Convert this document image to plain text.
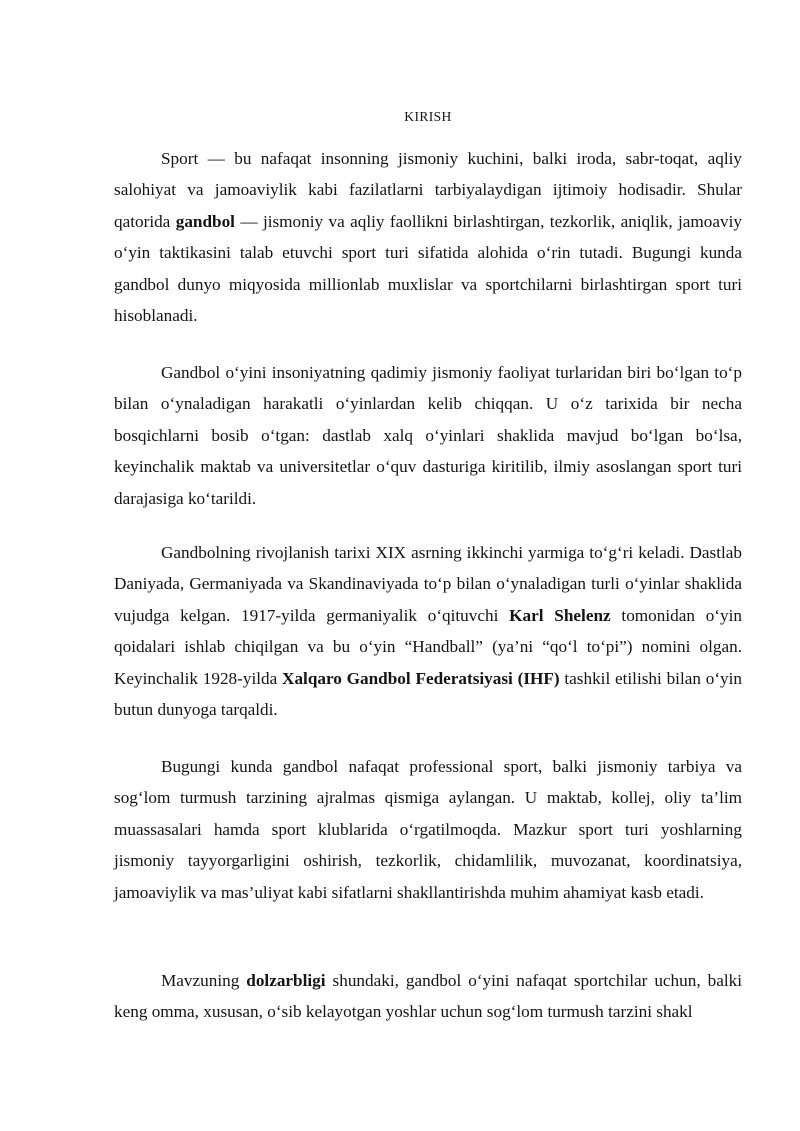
KIRISH

Sport — bu nafaqat insonning jismoniy kuchini, balki iroda, sabr-toqat, aqliy salohiyat va jamoaviylik kabi fazilatlarni tarbiyalaydigan ijtimoiy hodisadir. Shular qatorida gandbol — jismoniy va aqliy faollikni birlashtirgan, tezkorlik, aniqlik, jamoaviy o‘yin taktikasini talab etuvchi sport turi sifatida alohida o‘rin tutadi. Bugungi kunda gandbol dunyo miqyosida millionlab muxlislar va sportchilarni birlashtirgan sport turi hisoblanadi.

Gandbol o‘yini insoniyatning qadimiy jismoniy faoliyat turlaridan biri bo‘lgan to‘p bilan o‘ynaladigan harakatli o‘yinlardan kelib chiqqan. U o‘z tarixida bir necha bosqichlarni bosib o‘tgan: dastlab xalq o‘yinlari shaklida mavjud bo‘lgan bo‘lsa, keyinchalik maktab va universitetlar o‘quv dasturiga kiritilib, ilmiy asoslangan sport turi darajasiga ko‘tarildi.

Gandbolning rivojlanish tarixi XIX asrning ikkinchi yarmiga to‘g‘ri keladi. Dastlab Daniyada, Germaniyada va Skandinaviyada to‘p bilan o‘ynaladigan turli o‘yinlar shaklida vujudga kelgan. 1917-yilda germaniyalik o‘qituvchi Karl Shelenz tomonidan o‘yin qoidalari ishlab chiqilgan va bu o‘yin “Handball” (ya’ni “qo‘l to‘pi”) nomini olgan. Keyinchalik 1928-yilda Xalqaro Gandbol Federatsiyasi (IHF) tashkil etilishi bilan o‘yin butun dunyoga tarqaldi.

Bugungi kunda gandbol nafaqat professional sport, balki jismoniy tarbiya va sog‘lom turmush tarzining ajralmas qismiga aylangan. U maktab, kollej, oliy ta’lim muassasalari hamda sport klublarida o‘rgatilmoqda. Mazkur sport turi yoshlarning jismoniy tayyorgarligini oshirish, tezkorlik, chidamlilik, muvozanat, koordinatsiya, jamoaviylik va mas’uliyat kabi sifatlarni shakllantirishda muhim ahamiyat kasb etadi.

Mavzuning dolzarbligi shundaki, gandbol o‘yini nafaqat sportchilar uchun, balki keng omma, xususan, o‘sib kelayotgan yoshlar uchun sog‘lom turmush tarzini shakl
